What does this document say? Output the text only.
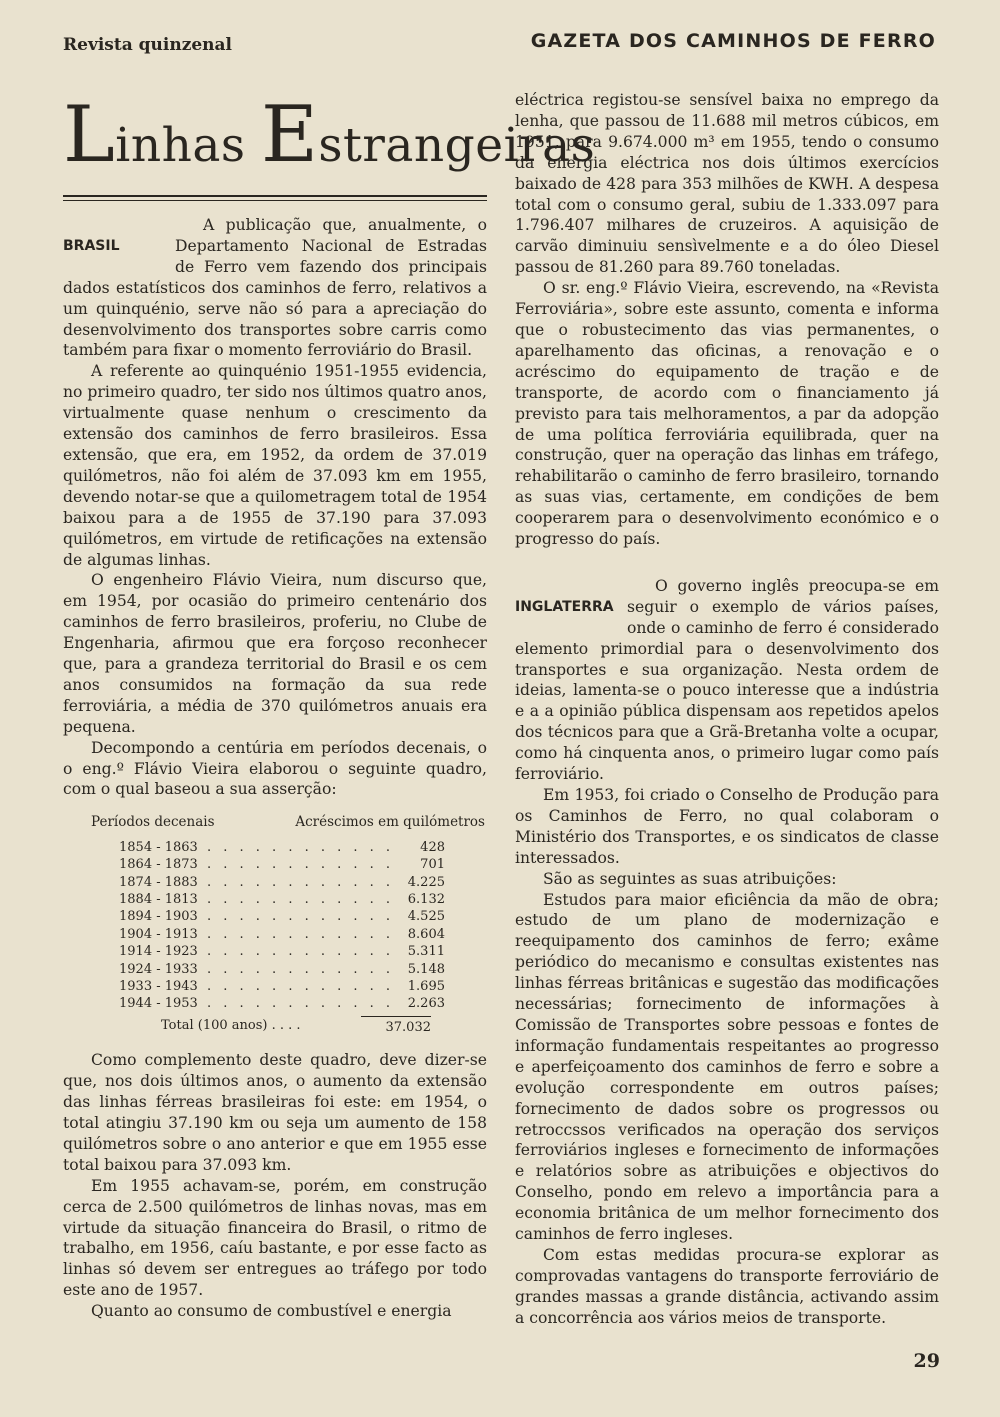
Revista quinzenal	GAZETA DOS CAMINHOS DE FERRO
Linhas Estrangeiras

BRASIL
A publicação que, anualmente, o Departamento Nacional de Estradas de Ferro vem fazendo dos principais dados estatísticos dos caminhos de ferro, relativos a um quinquénio, serve não só para a apreciação do desenvolvimento dos transportes sobre carris como também para fixar o momento ferroviário do Brasil.

A referente ao quinquénio 1951-1955 evidencia, no primeiro quadro, ter sido nos últimos quatro anos, virtualmente quase nenhum o crescimento da extensão dos caminhos de ferro brasileiros. Essa extensão, que era, em 1952, da ordem de 37.019 quilómetros, não foi além de 37.093 km em 1955, devendo notar-se que a quilometragem total de 1954 baixou para a de 1955 de 37.190 para 37.093 quilómetros, em virtude de retificações na extensão de algumas linhas.

O engenheiro Flávio Vieira, num discurso que, em 1954, por ocasião do primeiro centenário dos caminhos de ferro brasileiros, proferiu, no Clube de Engenharia, afirmou que era forçoso reconhecer que, para a grandeza territorial do Brasil e os cem anos consumidos na formação da sua rede ferroviária, a média de 370 quilómetros anuais era pequena.

Decompondo a centúria em períodos decenais, o o eng.º Flávio Vieira elaborou o seguinte quadro, com o qual baseou a sua asserção:

Períodos decenais	Acréscimos em quilómetros
1854 - 1863 . . . . . . . . . . . .	428
1864 - 1873 . . . . . . . . . . . .	701
1874 - 1883 . . . . . . . . . . . .	4.225
1884 - 1813 . . . . . . . . . . . .	6.132
1894 - 1903 . . . . . . . . . . . .	4.525
1904 - 1913 . . . . . . . . . . . .	8.604
1914 - 1923 . . . . . . . . . . . .	5.311
1924 - 1933 . . . . . . . . . . . .	5.148
1933 - 1943 . . . . . . . . . . . .	1.695
1944 - 1953 . . . . . . . . . . . .	2.263
Total (100 anos) . . . .	37.032

Como complemento deste quadro, deve dizer-se que, nos dois últimos anos, o aumento da extensão das linhas férreas brasileiras foi este: em 1954, o total atingiu 37.190 km ou seja um aumento de 158 quilómetros sobre o ano anterior e que em 1955 esse total baixou para 37.093 km.

Em 1955 achavam-se, porém, em construção cerca de 2.500 quilómetros de linhas novas, mas em virtude da situação financeira do Brasil, o ritmo de trabalho, em 1956, caíu bastante, e por esse facto as linhas só devem ser entregues ao tráfego por todo este ano de 1957.

Quanto ao consumo de combustível e energia

eléctrica registou-se sensível baixa no emprego da lenha, que passou de 11.688 mil metros cúbicos, em 1951, para 9.674.000 m³ em 1955, tendo o consumo da energia eléctrica nos dois últimos exercícios baixado de 428 para 353 milhões de KWH. A despesa total com o consumo geral, subiu de 1.333.097 para 1.796.407 milhares de cruzeiros. A aquisição de carvão diminuiu sensìvelmente e a do óleo Diesel passou de 81.260 para 89.760 toneladas.

O sr. eng.º Flávio Vieira, escrevendo, na «Revista Ferroviária», sobre este assunto, comenta e informa que o robustecimento das vias permanentes, o aparelhamento das oficinas, a renovação e o acréscimo do equipamento de tração e de transporte, de acordo com o financiamento já previsto para tais melhoramentos, a par da adopção de uma política ferroviária equilibrada, quer na construção, quer na operação das linhas em tráfego, rehabilitarão o caminho de ferro brasileiro, tornando as suas vias, certamente, em condições de bem cooperarem para o desenvolvimento económico e o progresso do país.

INGLATERRA
O governo inglês preocupa-se em seguir o exemplo de vários países, onde o caminho de ferro é considerado elemento primordial para o desenvolvimento dos transportes e sua organização. Nesta ordem de ideias, lamenta-se o pouco interesse que a indústria e a a opinião pública dispensam aos repetidos apelos dos técnicos para que a Grã-Bretanha volte a ocupar, como há cinquenta anos, o primeiro lugar como país ferroviário.

Em 1953, foi criado o Conselho de Produção para os Caminhos de Ferro, no qual colaboram o Ministério dos Transportes, e os sindicatos de classe interessados.

São as seguintes as suas atribuições:

Estudos para maior eficiência da mão de obra; estudo de um plano de modernização e reequipamento dos caminhos de ferro; exâme periódico do mecanismo e consultas existentes nas linhas férreas britânicas e sugestão das modificações necessárias; fornecimento de informações à Comissão de Transportes sobre pessoas e fontes de informação fundamentais respeitantes ao progresso e aperfeiçoamento dos caminhos de ferro e sobre a evolução correspondente em outros países; fornecimento de dados sobre os progressos ou retroccssos verificados na operação dos serviços ferroviários ingleses e fornecimento de informações e relatórios sobre as atribuições e objectivos do Conselho, pondo em relevo a importância para a economia britânica de um melhor fornecimento dos caminhos de ferro ingleses.

Com estas medidas procura-se explorar as comprovadas vantagens do transporte ferroviário de grandes massas a grande distância, activando assim a concorrência aos vários meios de transporte.

29
